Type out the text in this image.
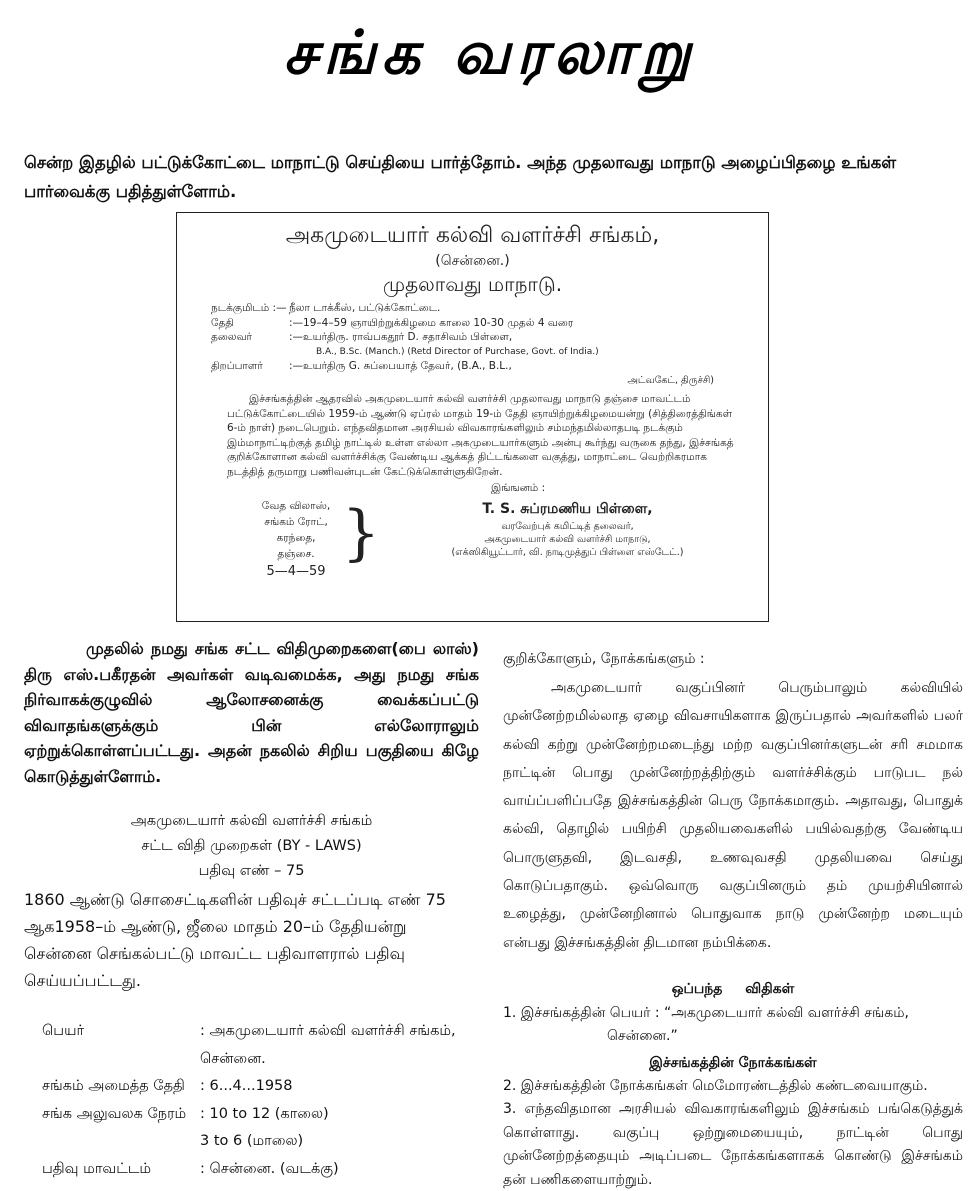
சங்க வரலாறு
சென்ற இதழில் பட்டுக்கோட்டை மாநாட்டு செய்தியை பார்த்தோம். அந்த முதலாவது மாநாடு அழைப்பிதழை உங்கள் பார்வைக்கு பதித்துள்ளோம்.
அகமுடையார் கல்வி வளர்ச்சி சங்கம்,
(சென்னை.)
முதலாவது மாநாடு.
நடக்குமிடம் :— நீலா டாக்கீஸ், பட்டுக்கோட்டை.
தேதி	:—19–4–59 ஞாயிற்றுக்கிழமை காலை 10-30 முதல் 4 வரை
தலைவர்	:—உயர்திரு. ராவ்பகதூர் D. சதாசிவம் பிள்ளை,
B.A., B.Sc. (Manch.) (Retd Director of Purchase, Govt. of India.)
திறப்பாளர்	:—உயர்திரு G. சுப்பையாத் தேவர், (B.A., B.L.,
அட்வகேட், திருச்சி)
இச்சங்கத்தின் ஆதரவில் அகமுடையார் கல்வி வளர்ச்சி முதலாவது மாநாடு தஞ்சை மாவட்டம் பட்டுக்கோட்டையில் 1959-ம் ஆண்டு ஏப்ரல் மாதம் 19-ம் தேதி ஞாயிற்றுக்கிழமையன்று (சித்திரைத்திங்கள் 6-ம் நாள்) நடைபெறும். எந்தவிதமான அரசியல் விவகாரங்களிலும் சம்மந்தமில்லாதபடி நடக்கும் இம்மாநாட்டிற்குத் தமிழ் நாட்டில் உள்ள எல்லா அகமுடையார்களும் அன்பு கூர்ந்து வருகை தந்து, இச்சங்கத் குறிக்கோளான கல்வி வளர்ச்சிக்கு வேண்டிய ஆக்கத் திட்டங்களை வகுத்து, மாநாட்டை வெற்றிகரமாக நடத்தித் தருமாறு பணிவன்புடன் கேட்டுக்கொள்ளுகிறேன்.
இங்ஙனம் :
வேத விலாஸ்,
சங்கம் ரோட், கரந்தை,
தஞ்சை.
5—4—59
}	T. S. சுப்ரமணிய பிள்ளை,
வரவேற்புக் கமிட்டித் தலைவர்,
அகமுடையார் கல்வி வளர்ச்சி மாநாடு,
(எக்ஸிகியூட்டார், வி. நாடிமுத்துப் பிள்ளை எஸ்டேட்.)
முதலில் நமது சங்க சட்ட விதிமுறைகளை(பை லாஸ்) திரு எஸ்.பகீரதன் அவர்கள் வடிவமைக்க, அது நமது சங்க நிர்வாகக்குழுவில் ஆலோசனைக்கு வைக்கப்பட்டு விவாதங்களுக்கும் பின் எல்லோராலும் ஏற்றுக்கொள்ளப்பட்டது. அதன் நகலில் சிறிய பகுதியை கிழே கொடுத்துள்ளோம்.
அகமுடையார் கல்வி வளர்ச்சி சங்கம்
சட்ட விதி முறைகள் (BY - LAWS)
பதிவு எண் – 75
1860 ஆண்டு சொசைட்டிகளின் பதிவுச் சட்டப்படி எண் 75 ஆக1958–ம் ஆண்டு, ஜீலை மாதம் 20–ம் தேதியன்று சென்னை செங்கல்பட்டு மாவட்ட பதிவாளரால் பதிவு செய்யப்பட்டது.
பெயர்	: அகமுடையார் கல்வி வளர்ச்சி சங்கம்,
சென்னை.
சங்கம் அமைத்த தேதி	: 6...4...1958
சங்க அலுவலக நேரம் : 10 to 12 (காலை)
3 to 6 (மாலை)
பதிவு மாவட்டம்	: சென்னை. (வடக்கு)
குறிக்கோளும், நோக்கங்களும் :
அகமுடையார் வகுப்பினர் பெரும்பாலும் கல்வியில் முன்னேற்றமில்லாத ஏழை விவசாயிகளாக இருப்பதால் அவர்களில் பலர் கல்வி கற்று முன்னேற்றமடைந்து மற்ற வகுப்பினர்களுடன் சரி சமமாக நாட்டின் பொது முன்னேற்றத்திற்கும் வளர்ச்சிக்கும் பாடுபட நல் வாய்ப்பளிப்பதே இச்சங்கத்தின் பெரு நோக்கமாகும். அதாவது, பொதுக் கல்வி, தொழில் பயிற்சி முதலியவைகளில் பயில்வதற்கு வேண்டிய பொருளுதவி, இடவசதி, உணவுவசதி முதலியவை செய்து கொடுப்பதாகும். ஒவ்வொரு வகுப்பினரும் தம் முயற்சியினால் உழைத்து, முன்னேறினால் பொதுவாக நாடு முன்னேற்ற மடையும் என்பது இச்சங்கத்தின் திடமான நம்பிக்கை.
ஒப்பந்த விதிகள்
1. இச்சங்கத்தின் பெயர் : “அகமுடையார் கல்வி வளர்ச்சி சங்கம்,
சென்னை.”
இச்சங்கத்தின் நோக்கங்கள்
2. இச்சங்கத்தின் நோக்கங்கள் மெமோரண்டத்தில் கண்டவையாகும்.
3. எந்தவிதமான அரசியல் விவகாரங்களிலும் இச்சங்கம் பங்கெடுத்துக் கொள்ளாது. வகுப்பு ஒற்றுமையையும், நாட்டின் பொது முன்னேற்றத்தையும் அடிப்படை நோக்கங்களாகக் கொண்டு இச்சங்கம் தன் பணிகளையாற்றும்.
